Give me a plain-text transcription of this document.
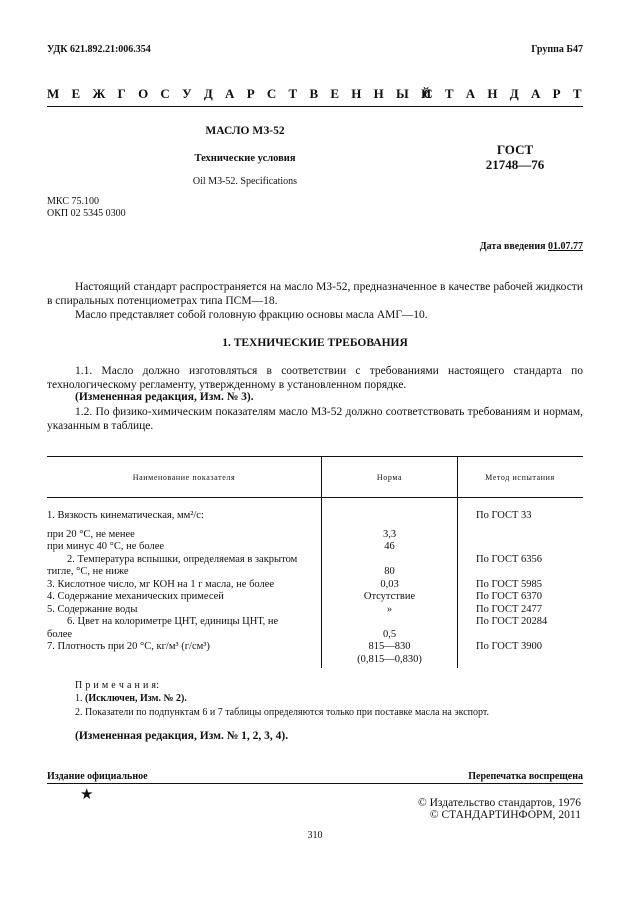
УДК 621.892.21:006.354	Группа Б47
М Е Ж Г О С У Д А Р С Т В Е Н Н Ы Й
С Т А Н Д А Р Т
МАСЛО МЗ-52
Технические условия
Oil MЗ-52. Specifications
ГОСТ
21748—76
МКС 75.100
ОКП 02 5345 0300
Дата введения 01.07.77
Настоящий стандарт распространяется на масло МЗ-52, предназначенное в качестве рабочей жидкости в спиральных потенциометрах типа ПСМ—18.
Масло представляет собой головную фракцию основы масла АМГ—10.
1. ТЕХНИЧЕСКИЕ ТРЕБОВАНИЯ
1.1. Масло должно изготовляться в соответствии с требованиями настоящего стандарта по технологическому регламенту, утвержденному в установленном порядке.
(Измененная редакция, Изм. № 3).
1.2. По физико-химическим показателям масло МЗ-52 должно соответствовать требованиям и нормам, указанным в таблице.
Наименование показателя	Норма	Метод испытания

1. Вязкость кинематическая, мм²/с:		По ГОСТ 33

при 20 °С, не менее	3,3	
при минус 40 °С, не более	46	

2. Температура вспышки, определяемая в закрытом
тигле, °С, не ниже	80	По ГОСТ 6356
3. Кислотное число, мг КОН на 1 г масла, не более	0,03	По ГОСТ 5985
4. Содержание механических примесей	Отсутствие	По ГОСТ 6370
5. Содержание воды	»	По ГОСТ 2477

6. Цвет на колориметре ЦНТ, единицы ЦНТ, не
более	0,5	По ГОСТ 20284
7. Плотность при 20 °С, кг/м³ (г/см³)	815—830
(0,815—0,830)	По ГОСТ 3900
П р и м е ч а н и я:
1. (Исключен, Изм. № 2).
2. Показатели по подпунктам 6 и 7 таблицы определяются только при поставке масла на экспорт.
(Измененная редакция, Изм. № 1, 2, 3, 4).
Издание официальное	Перепечатка воспрещена
★	© Издательство стандартов, 1976
© СТАНДАРТИНФОРМ, 2011
310
